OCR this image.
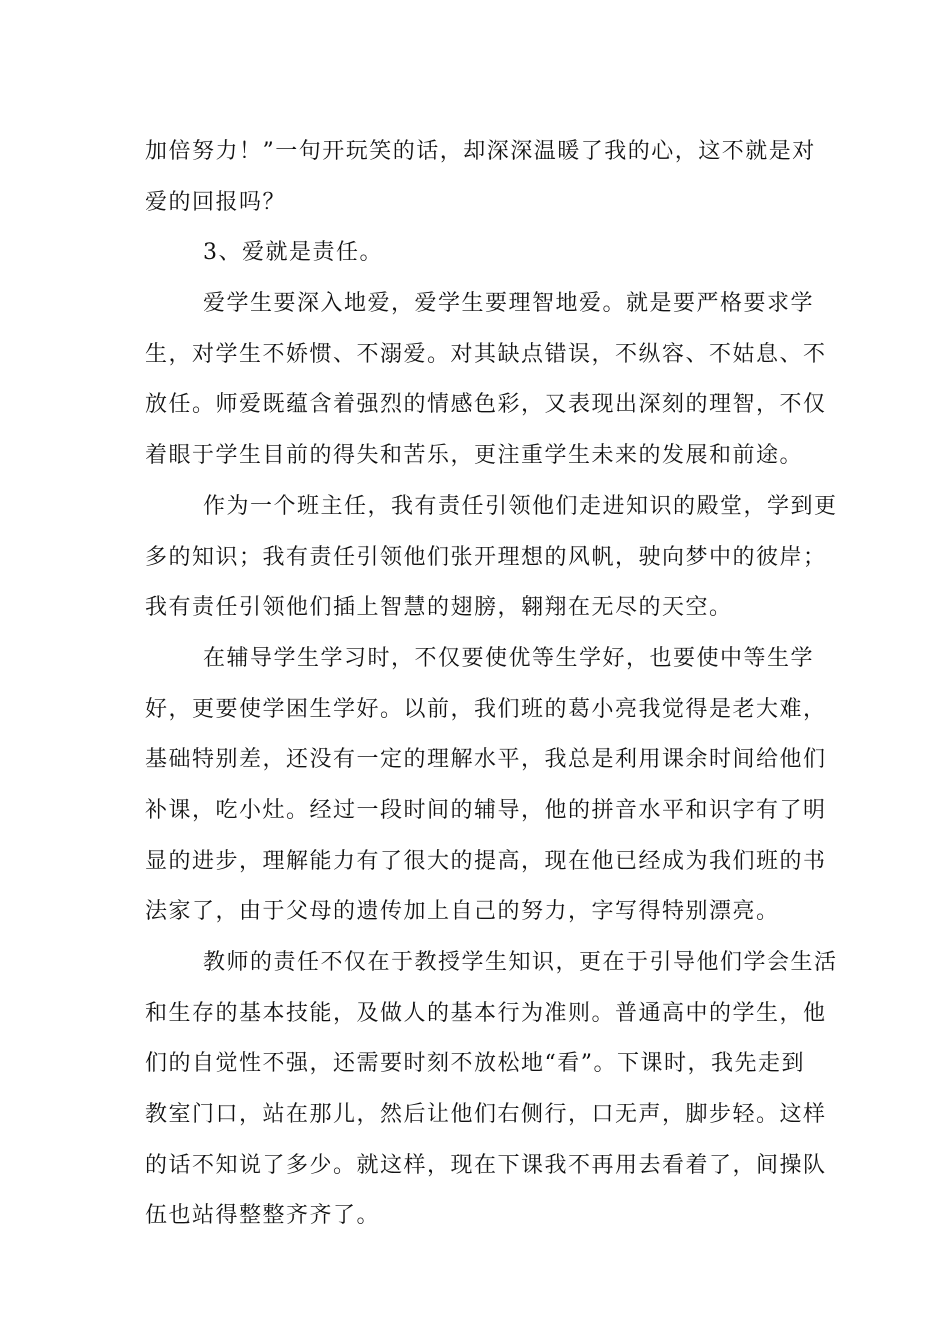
加倍努力！”一句开玩笑的话，却深深温暖了我的心，这不就是对
爱的回报吗？
3、爱就是责任。
爱学生要深入地爱，爱学生要理智地爱。就是要严格要求学
生，对学生不娇惯、不溺爱。对其缺点错误，不纵容、不姑息、不
放任。师爱既蕴含着强烈的情感色彩，又表现出深刻的理智，不仅
着眼于学生目前的得失和苦乐，更注重学生未来的发展和前途。
作为一个班主任，我有责任引领他们走进知识的殿堂，学到更
多的知识；我有责任引领他们张开理想的风帆，驶向梦中的彼岸；
我有责任引领他们插上智慧的翅膀，翱翔在无尽的天空。
在辅导学生学习时，不仅要使优等生学好，也要使中等生学
好，更要使学困生学好。以前，我们班的葛小亮我觉得是老大难，
基础特别差，还没有一定的理解水平，我总是利用课余时间给他们
补课，吃小灶。经过一段时间的辅导，他的拼音水平和识字有了明
显的进步，理解能力有了很大的提高，现在他已经成为我们班的书
法家了，由于父母的遗传加上自己的努力，字写得特别漂亮。
教师的责任不仅在于教授学生知识，更在于引导他们学会生活
和生存的基本技能，及做人的基本行为准则。普通高中的学生，他
们的自觉性不强，还需要时刻不放松地“看”。下课时，我先走到
教室门口，站在那儿，然后让他们右侧行，口无声，脚步轻。这样
的话不知说了多少。就这样，现在下课我不再用去看着了，间操队
伍也站得整整齐齐了。
